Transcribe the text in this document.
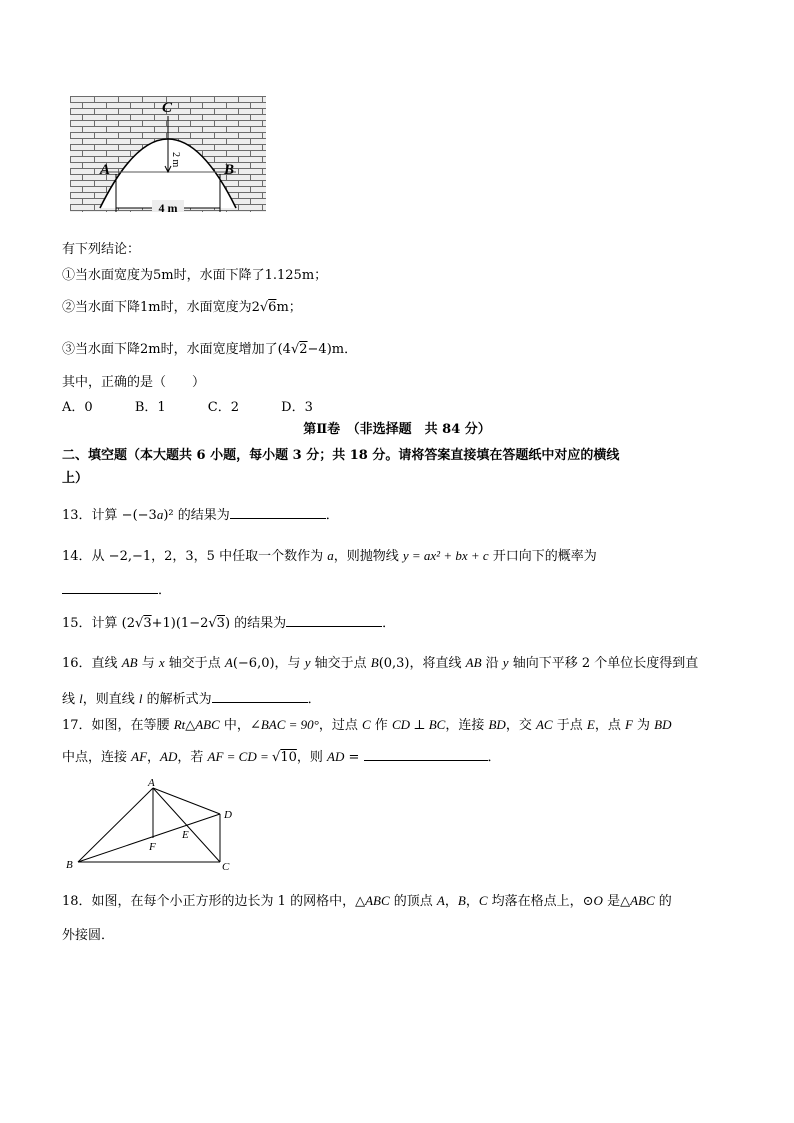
4 m
2 m
C
A	B
有下列结论：
①当水面宽度为5m时，水面下降了1.125m；
②当水面下降1m时，水面宽度为2√6m；
③当水面下降2m时，水面宽度增加了(4√2−4)m．
其中，正确的是（　　）
A．0	B．1	C．2	D．3
第Ⅱ卷　（非选择题　共 84 分）
二、填空题（本大题共 6 小题，每小题 3 分；共 18 分。请将答案直接填在答题纸中对应的横线
上）
13．计算 −(−3a)² 的结果为	．
14．从 −2,−1，2，3，5 中任取一个数作为 a，则抛物线 y = ax² + bx + c 开口向下的概率为
．
15．计算 (2√3+1)(1−2√3) 的结果为	．
16．直线 AB 与 x 轴交于点 A(−6,0)，与 y 轴交于点 B(0,3)，将直线 AB 沿 y 轴向下平移 2 个单位长度得到直
线 l，则直线 l 的解析式为	．
17．如图，在等腰 Rt△ABC 中，∠BAC = 90°，过点 C 作 CD ⊥ BC，连接 BD，交 AC 于点 E，点 F 为 BD
中点，连接 AF，AD，若 AF = CD = √10，则 AD =	．
A
B	C
D
E
F
18．如图，在每个小正方形的边长为 1 的网格中，△ABC 的顶点 A，B，C 均落在格点上，⊙O 是△ABC 的
外接圆．
